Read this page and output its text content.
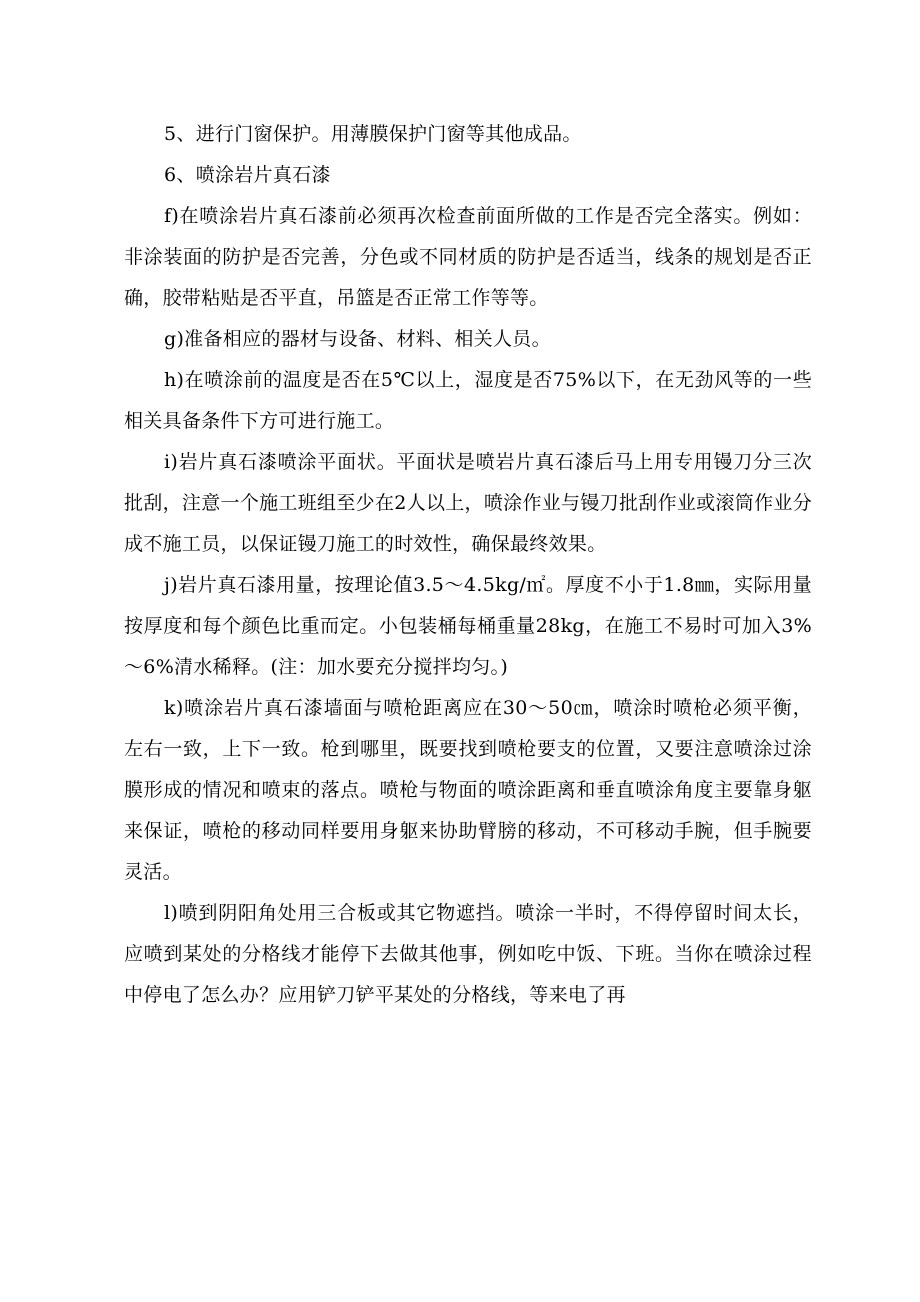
5、进行门窗保护。用薄膜保护门窗等其他成品。

6、喷涂岩片真石漆

f)在喷涂岩片真石漆前必须再次检查前面所做的工作是否完全落实。例如：非涂装面的防护是否完善，分色或不同材质的防护是否适当，线条的规划是否正确，胶带粘贴是否平直，吊篮是否正常工作等等。

g)准备相应的器材与设备、材料、相关人员。

h)在喷涂前的温度是否在5℃以上，湿度是否75%以下，在无劲风等的一些相关具备条件下方可进行施工。

i)岩片真石漆喷涂平面状。平面状是喷岩片真石漆后马上用专用镘刀分三次批刮，注意一个施工班组至少在2人以上，喷涂作业与镘刀批刮作业或滚筒作业分成不施工员，以保证镘刀施工的时效性，确保最终效果。

j)岩片真石漆用量，按理论值3.5～4.5kg/㎡。厚度不小于1.8㎜，实际用量按厚度和每个颜色比重而定。小包装桶每桶重量28kg，在施工不易时可加入3%～6%清水稀释。(注：加水要充分搅拌均匀。)

k)喷涂岩片真石漆墙面与喷枪距离应在30～50㎝，喷涂时喷枪必须平衡，左右一致，上下一致。枪到哪里，既要找到喷枪要支的位置，又要注意喷涂过涂膜形成的情况和喷束的落点。喷枪与物面的喷涂距离和垂直喷涂角度主要靠身躯来保证，喷枪的移动同样要用身躯来协助臂膀的移动，不可移动手腕，但手腕要灵活。

l)喷到阴阳角处用三合板或其它物遮挡。喷涂一半时，不得停留时间太长，应喷到某处的分格线才能停下去做其他事，例如吃中饭、下班。当你在喷涂过程中停电了怎么办？应用铲刀铲平某处的分格线，等来电了再
